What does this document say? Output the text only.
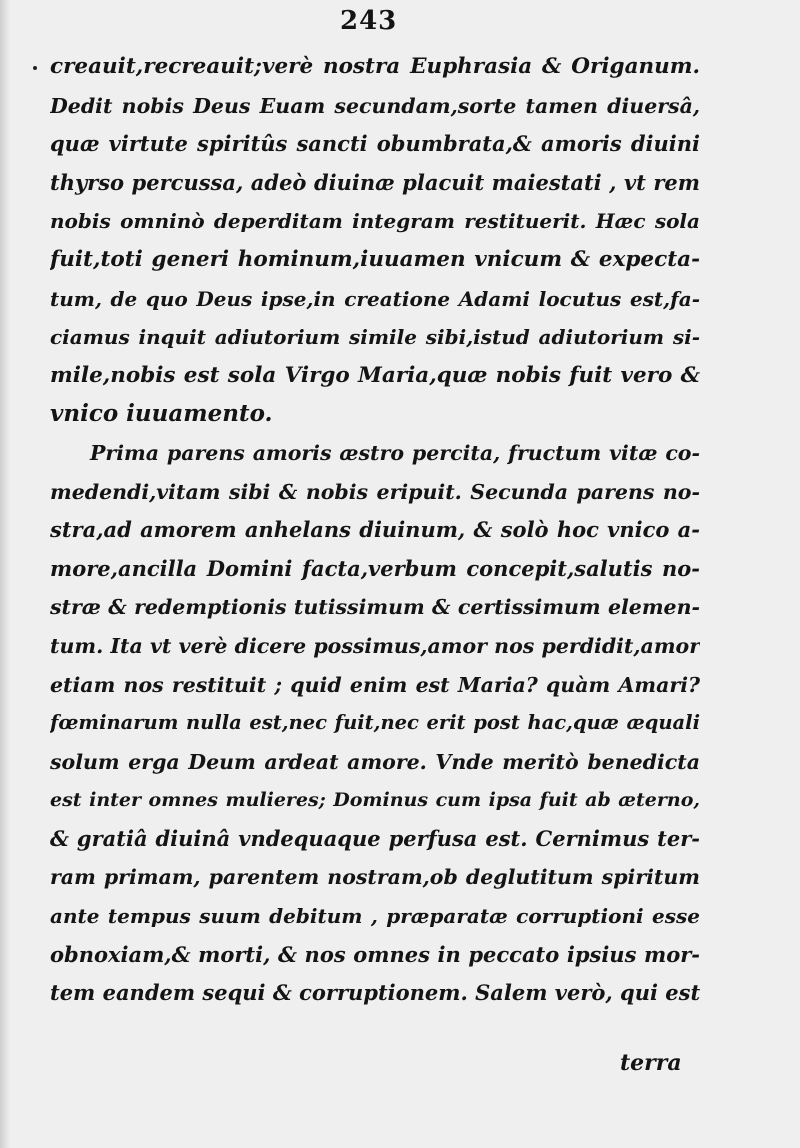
243
creauit,recreauit;verè nostra Euphrasia & Origanum.
Dedit nobis Deus Euam secundam,sorte tamen diuersâ,
quæ virtute spiritûs sancti obumbrata,& amoris diuini
thyrso percussa, adeò diuinæ placuit maiestati , vt rem
nobis omninò deperditam integram restituerit. Hæc sola
fuit,toti generi hominum,iuuamen vnicum & expecta-
tum, de quo Deus ipse,in creatione Adami locutus est,fa-
ciamus inquit adiutorium simile sibi,istud adiutorium si-
mile,nobis est sola Virgo Maria,quæ nobis fuit vero &
vnico iuuamento.
Prima parens amoris æstro percita, fructum vitæ co-
medendi,vitam sibi & nobis eripuit. Secunda parens no-
stra,ad amorem anhelans diuinum, & solò hoc vnico a-
more,ancilla Domini facta,verbum concepit,salutis no-
stræ & redemptionis tutissimum & certissimum elemen-
tum. Ita vt verè dicere possimus,amor nos perdidit,amor
etiam nos restituit ; quid enim est Maria? quàm Amari?
fœminarum nulla est,nec fuit,nec erit post hac,quæ æquali
solum erga Deum ardeat amore. Vnde meritò benedicta
est inter omnes mulieres; Dominus cum ipsa fuit ab æterno,
& gratiâ diuinâ vndequaque perfusa est. Cernimus ter-
ram primam, parentem nostram,ob deglutitum spiritum
ante tempus suum debitum , præparatæ corruptioni esse
obnoxiam,& morti, & nos omnes in peccato ipsius mor-
tem eandem sequi & corruptionem. Salem verò, qui est
terra
